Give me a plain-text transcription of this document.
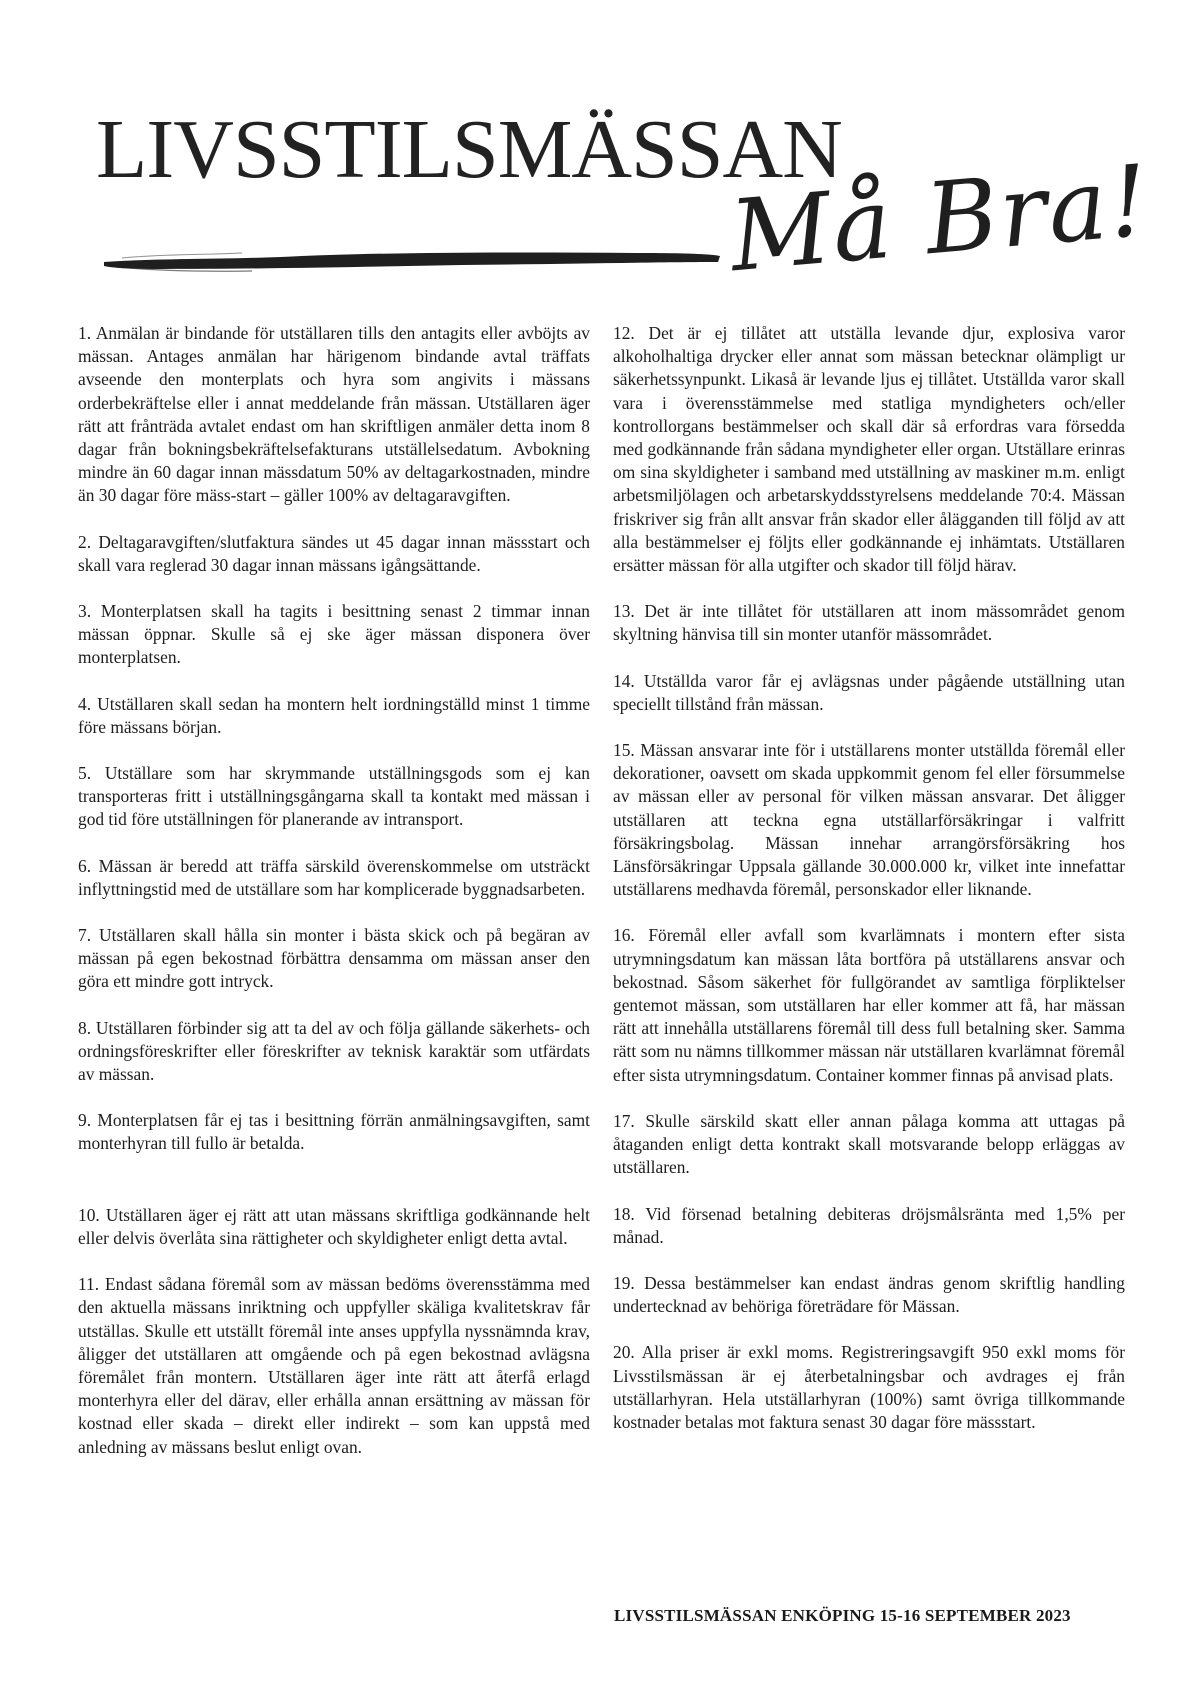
LIVSSTILSMÄSSAN
Må Bra!

1. Anmälan är bindande för utställaren tills den antagits eller avböjts av mässan. Antages anmälan har härigenom bindande avtal träffats avseende den monterplats och hyra som angivits i mässans orderbekräftelse eller i annat meddelande från mässan. Utställaren äger rätt att frånträda avtalet endast om han skriftligen anmäler detta inom 8 dagar från bokningsbekräftelsefakturans utställelsedatum. Avbokning mindre än 60 dagar innan mässdatum 50% av deltagarkostnaden, mindre än 30 dagar före mäss-start – gäller 100% av deltagaravgiften.

2. Deltagaravgiften/slutfaktura sändes ut 45 dagar innan mässstart och skall vara reglerad 30 dagar innan mässans igångsättande.

3. Monterplatsen skall ha tagits i besittning senast 2 timmar innan mässan öppnar. Skulle så ej ske äger mässan disponera över monterplatsen.

4. Utställaren skall sedan ha montern helt iordningställd minst 1 timme före mässans början.

5. Utställare som har skrymmande utställningsgods som ej kan transporteras fritt i utställningsgångarna skall ta kontakt med mässan i god tid före utställningen för planerande av intransport.

6. Mässan är beredd att träffa särskild överenskommelse om utsträckt inflyttningstid med de utställare som har komplicerade byggnadsarbeten.

7. Utställaren skall hålla sin monter i bästa skick och på begäran av mässan på egen bekostnad förbättra densamma om mässan anser den göra ett mindre gott intryck.

8. Utställaren förbinder sig att ta del av och följa gällande säkerhets- och ordningsföreskrifter eller föreskrifter av teknisk karaktär som utfärdats av mässan.

9. Monterplatsen får ej tas i besittning förrän anmälningsavgiften, samt monterhyran till fullo är betalda.

10. Utställaren äger ej rätt att utan mässans skriftliga godkännande helt eller delvis överlåta sina rättigheter och skyldigheter enligt detta avtal.

11. Endast sådana föremål som av mässan bedöms överensstämma med den aktuella mässans inriktning och uppfyller skäliga kvalitetskrav får utställas. Skulle ett utställt föremål inte anses uppfylla nyssnämnda krav, åligger det utställaren att omgående och på egen bekostnad avlägsna föremålet från montern. Utställaren äger inte rätt att återfå erlagd monterhyra eller del därav, eller erhålla annan ersättning av mässan för kostnad eller skada – direkt eller indirekt – som kan uppstå med anledning av mässans beslut enligt ovan.

12. Det är ej tillåtet att utställa levande djur, explosiva varor alkoholhaltiga drycker eller annat som mässan betecknar olämpligt ur säkerhetssynpunkt. Likaså är levande ljus ej tillåtet. Utställda varor skall vara i överensstämmelse med statliga myndigheters och/eller kontrollorgans bestämmelser och skall där så erfordras vara försedda med godkännande från sådana myndigheter eller organ. Utställare erinras om sina skyldigheter i samband med utställning av maskiner m.m. enligt arbetsmiljölagen och arbetarskyddsstyrelsens meddelande 70:4. Mässan friskriver sig från allt ansvar från skador eller ålägganden till följd av att alla bestämmelser ej följts eller godkännande ej inhämtats. Utställaren ersätter mässan för alla utgifter och skador till följd härav.

13. Det är inte tillåtet för utställaren att inom mässområdet genom skyltning hänvisa till sin monter utanför mässområdet.

14. Utställda varor får ej avlägsnas under pågående utställning utan speciellt tillstånd från mässan.

15. Mässan ansvarar inte för i utställarens monter utställda föremål eller dekorationer, oavsett om skada uppkommit genom fel eller försummelse av mässan eller av personal för vilken mässan ansvarar. Det åligger utställaren att teckna egna utställarförsäkringar i valfritt försäkringsbolag. Mässan innehar arrangörsförsäkring hos Länsförsäkringar Uppsala gällande 30.000.000 kr, vilket inte innefattar utställarens medhavda föremål, personskador eller liknande.

16. Föremål eller avfall som kvarlämnats i montern efter sista utrymningsdatum kan mässan låta bortföra på utställarens ansvar och bekostnad. Såsom säkerhet för fullgörandet av samtliga förpliktelser gentemot mässan, som utställaren har eller kommer att få, har mässan rätt att innehålla utställarens föremål till dess full betalning sker. Samma rätt som nu nämns tillkommer mässan när utställaren kvarlämnat föremål efter sista utrymningsdatum. Container kommer finnas på anvisad plats.

17. Skulle särskild skatt eller annan pålaga komma att uttagas på åtaganden enligt detta kontrakt skall motsvarande belopp erläggas av utställaren.

18. Vid försenad betalning debiteras dröjsmålsränta med 1,5% per månad.

19. Dessa bestämmelser kan endast ändras genom skriftlig handling undertecknad av behöriga företrädare för Mässan.

20. Alla priser är exkl moms. Registreringsavgift 950 exkl moms för Livsstilsmässan är ej återbetalningsbar och avdrages ej från utställarhyran. Hela utställarhyran (100%) samt övriga tillkommande kostnader betalas mot faktura senast 30 dagar före mässstart.

LIVSSTILSMÄSSAN ENKÖPING 15-16 SEPTEMBER 2023
